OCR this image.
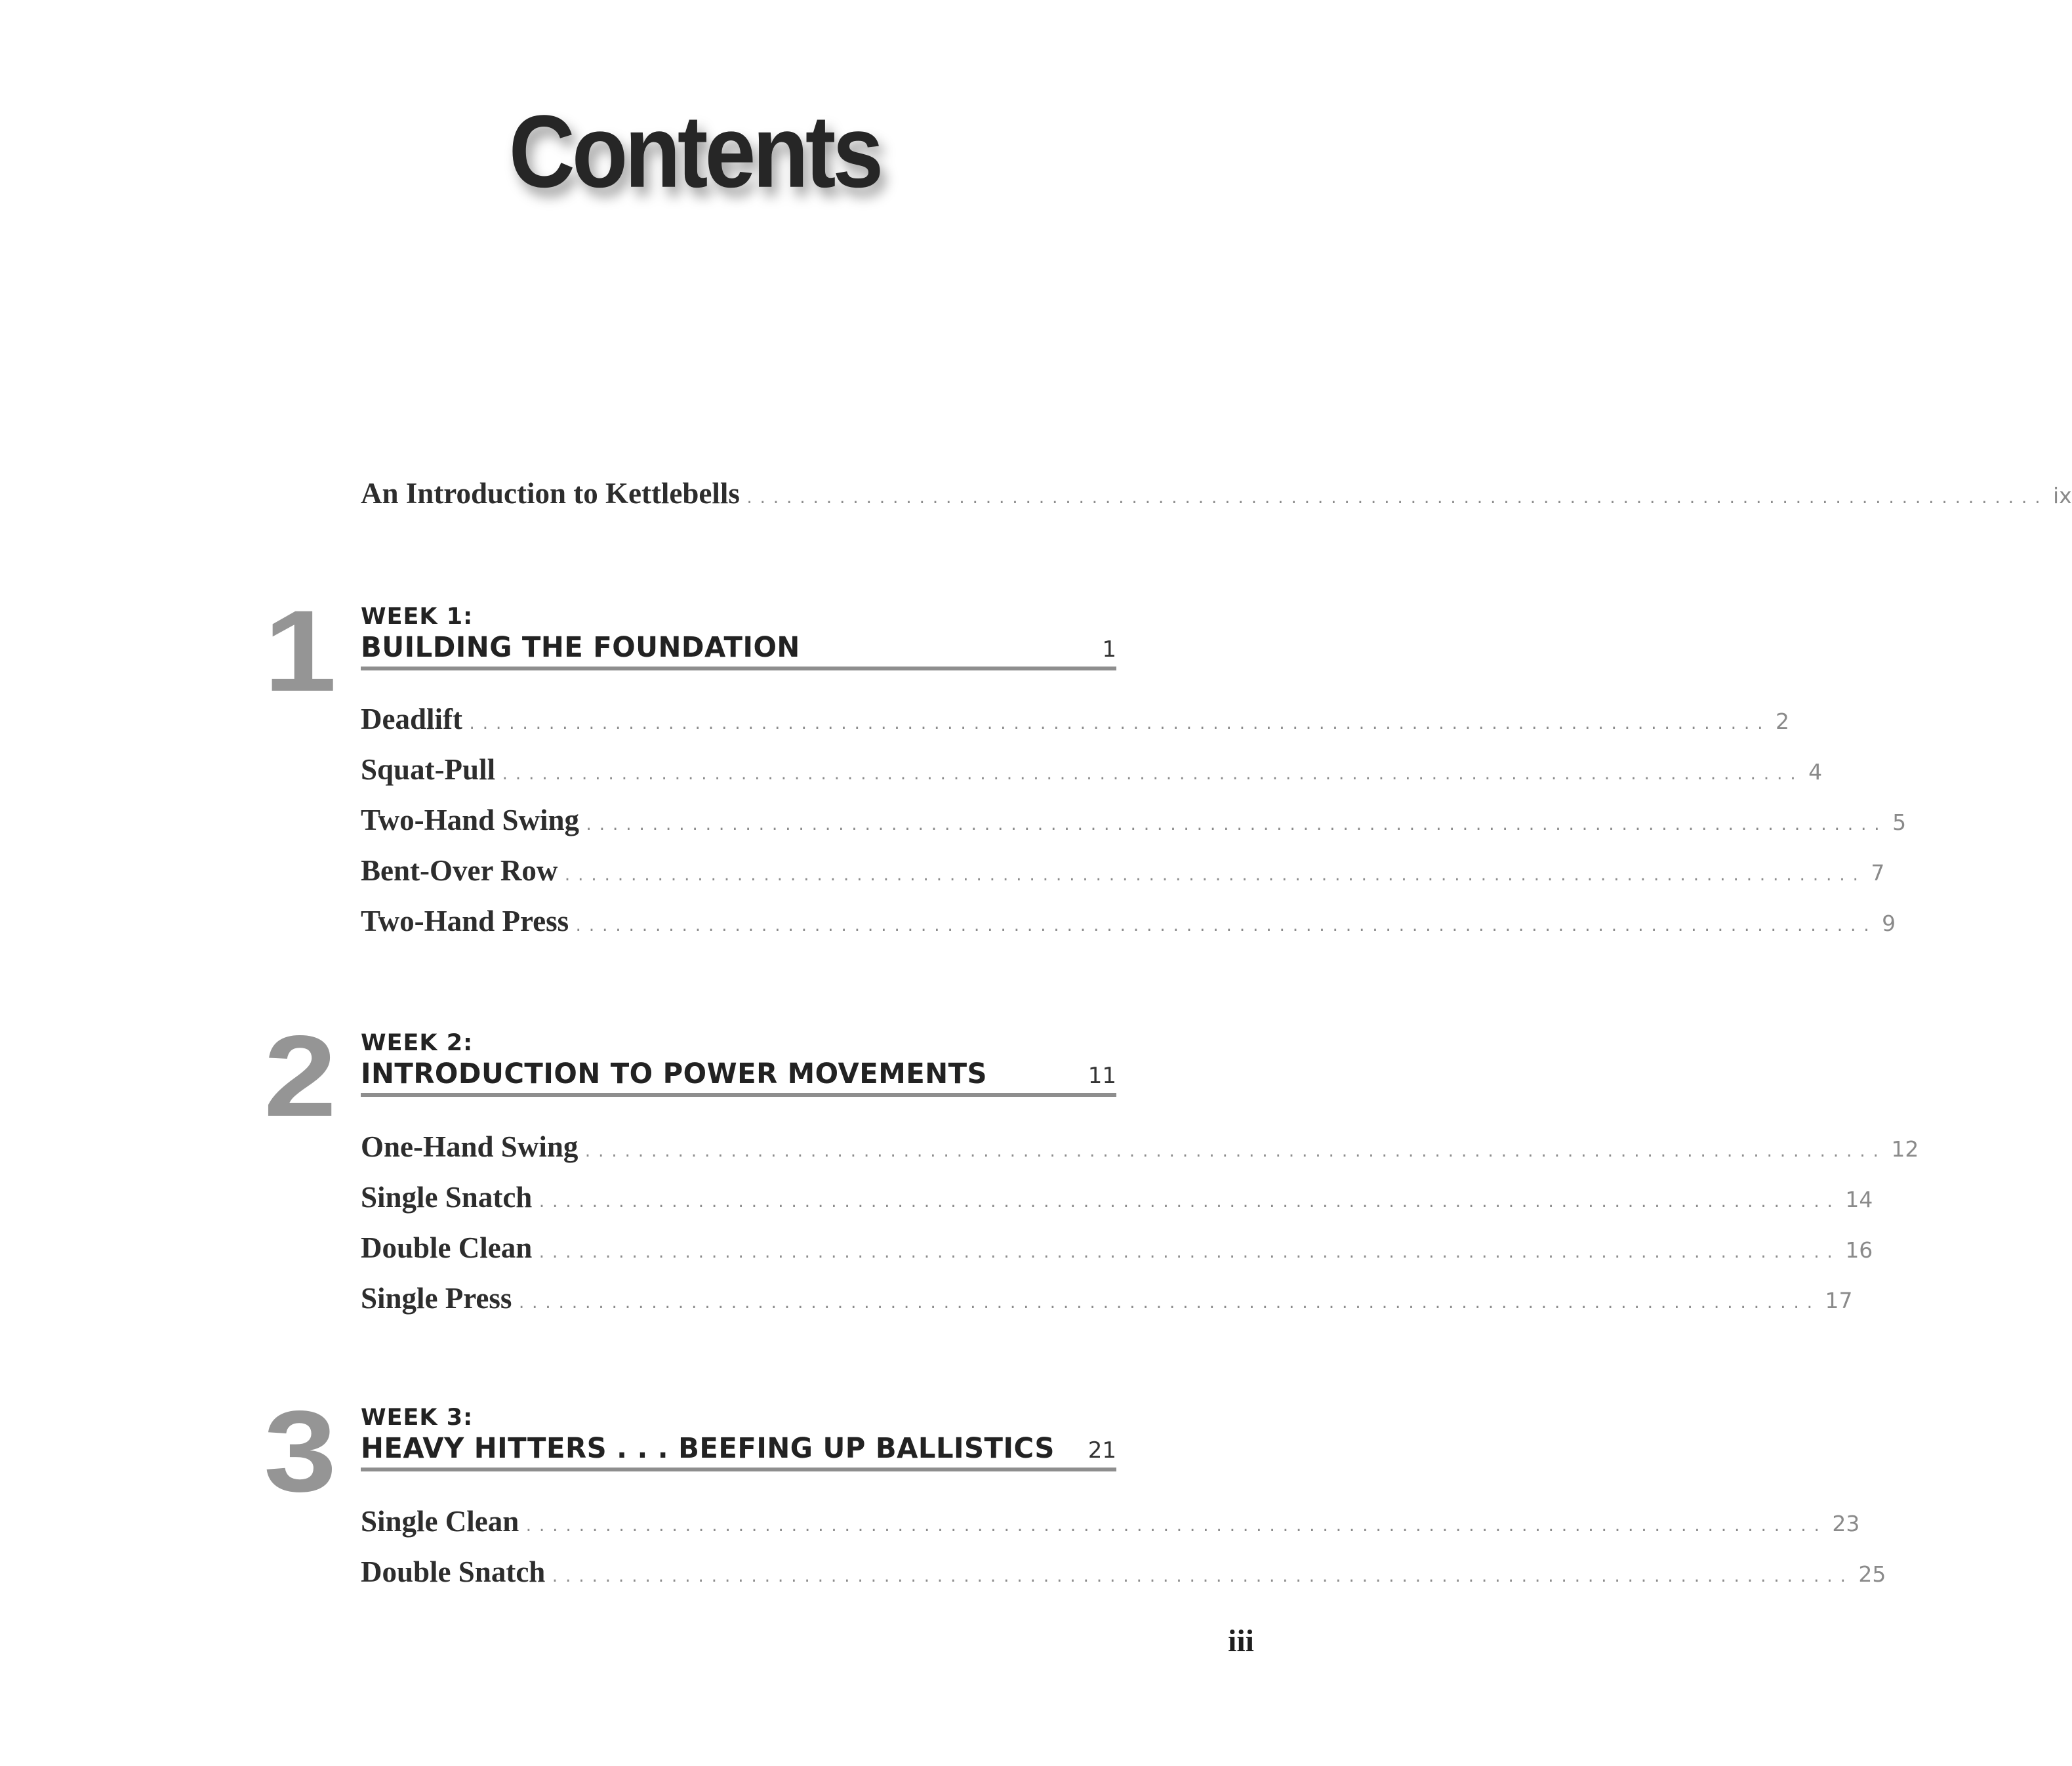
Contents
An Introduction to Kettlebells .................................................................................................. ix
1 WEEK 1:
BUILDING THE FOUNDATION	1
Deadlift .................................................................................................. 2
Squat-Pull .................................................................................................. 4
Two-Hand Swing .................................................................................................. 5
Bent-Over Row .................................................................................................. 7
Two-Hand Press .................................................................................................. 9
2 WEEK 2:
INTRODUCTION TO POWER MOVEMENTS	11
One-Hand Swing .................................................................................................. 12
Single Snatch .................................................................................................. 14
Double Clean .................................................................................................. 16
Single Press .................................................................................................. 17
3 WEEK 3:
HEAVY HITTERS . . . BEEFING UP BALLISTICS 21
Single Clean .................................................................................................. 23
Double Snatch .................................................................................................. 25
iii
